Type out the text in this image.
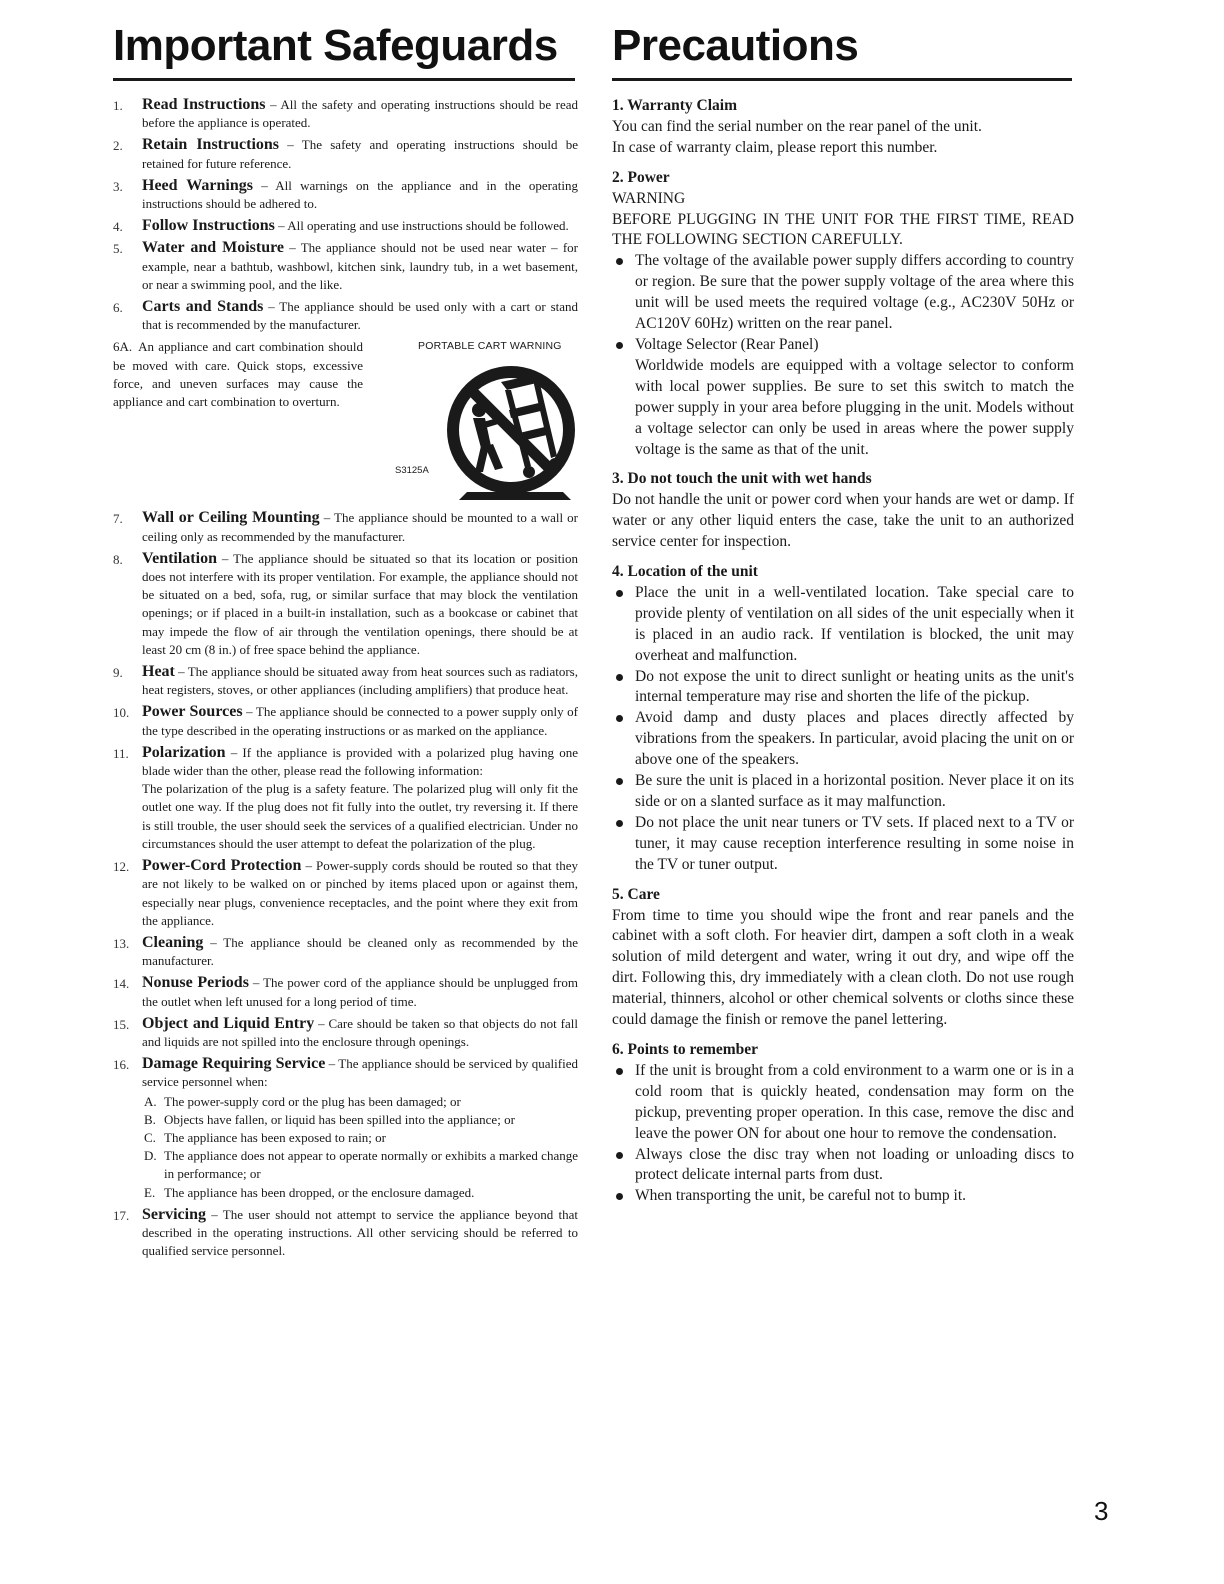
Important Safeguards
1.	Read Instructions – All the safety and operating instructions should be read before the appliance is operated.
2.	Retain Instructions – The safety and operating instructions should be retained for future reference.
3.	Heed Warnings – All warnings on the appliance and in the operating instructions should be adhered to.
4.	Follow Instructions – All operating and use instructions should be followed.
5.	Water and Moisture – The appliance should not be used near water – for example, near a bathtub, washbowl, kitchen sink, laundry tub, in a wet basement, or near a swimming pool, and the like.
6.	Carts and Stands – The appliance should be used only with a cart or stand that is recommended by the manufacturer.
6A. An appliance and cart combination should be moved with care. Quick stops, excessive force, and uneven surfaces may cause the appliance and cart combination to overturn.
PORTABLE CART WARNING
S3125A
7.	Wall or Ceiling Mounting – The appliance should be mounted to a wall or ceiling only as recommended by the manufacturer.
8.	Ventilation – The appliance should be situated so that its location or position does not interfere with its proper ventilation. For example, the appliance should not be situated on a bed, sofa, rug, or similar surface that may block the ventilation openings; or if placed in a built-in installation, such as a bookcase or cabinet that may impede the flow of air through the ventilation openings, there should be at least 20 cm (8 in.) of free space behind the appliance.
9.	Heat – The appliance should be situated away from heat sources such as radiators, heat registers, stoves, or other appliances (including amplifiers) that produce heat.
10. Power Sources – The appliance should be connected to a power supply only of the type described in the operating instructions or as marked on the appliance.
11. Polarization – If the appliance is provided with a polarized plug having one blade wider than the other, please read the following information:
The polarization of the plug is a safety feature. The polarized plug will only fit the outlet one way. If the plug does not fit fully into the outlet, try reversing it. If there is still trouble, the user should seek the services of a qualified electrician. Under no circumstances should the user attempt to defeat the polarization of the plug.
12. Power-Cord Protection – Power-supply cords should be routed so that they are not likely to be walked on or pinched by items placed upon or against them, especially near plugs, convenience receptacles, and the point where they exit from the appliance.
13. Cleaning – The appliance should be cleaned only as recommended by the manufacturer.
14. Nonuse Periods – The power cord of the appliance should be unplugged from the outlet when left unused for a long period of time.
15. Object and Liquid Entry – Care should be taken so that objects do not fall and liquids are not spilled into the enclosure through openings.
16. Damage Requiring Service – The appliance should be serviced by qualified service personnel when:
A. The power-supply cord or the plug has been damaged; or
B. Objects have fallen, or liquid has been spilled into the appliance; or
C. The appliance has been exposed to rain; or
D. The appliance does not appear to operate normally or exhibits a marked change in performance; or
E. The appliance has been dropped, or the enclosure damaged.
17. Servicing – The user should not attempt to service the appliance beyond that described in the operating instructions. All other servicing should be referred to qualified service personnel.
Precautions
1. Warranty Claim
You can find the serial number on the rear panel of the unit.
In case of warranty claim, please report this number.
2. Power
WARNING
BEFORE PLUGGING IN THE UNIT FOR THE FIRST TIME, READ THE FOLLOWING SECTION CAREFULLY.
The voltage of the available power supply differs according to country or region. Be sure that the power supply voltage of the area where this unit will be used meets the required voltage (e.g., AC230V 50Hz or AC120V 60Hz) written on the rear panel.
Voltage Selector (Rear Panel)
Worldwide models are equipped with a voltage selector to conform with local power supplies. Be sure to set this switch to match the power supply in your area before plugging in the unit. Models without a voltage selector can only be used in areas where the power supply voltage is the same as that of the unit.
3. Do not touch the unit with wet hands
Do not handle the unit or power cord when your hands are wet or damp. If water or any other liquid enters the case, take the unit to an authorized service center for inspection.
4. Location of the unit
Place the unit in a well-ventilated location. Take special care to provide plenty of ventilation on all sides of the unit especially when it is placed in an audio rack. If ventilation is blocked, the unit may overheat and malfunction.
Do not expose the unit to direct sunlight or heating units as the unit's internal temperature may rise and shorten the life of the pickup.
Avoid damp and dusty places and places directly affected by vibrations from the speakers. In particular, avoid placing the unit on or above one of the speakers.
Be sure the unit is placed in a horizontal position. Never place it on its side or on a slanted surface as it may malfunction.
Do not place the unit near tuners or TV sets. If placed next to a TV or tuner, it may cause reception interference resulting in some noise in the TV or tuner output.
5. Care
From time to time you should wipe the front and rear panels and the cabinet with a soft cloth. For heavier dirt, dampen a soft cloth in a weak solution of mild detergent and water, wring it out dry, and wipe off the dirt. Following this, dry immediately with a clean cloth. Do not use rough material, thinners, alcohol or other chemical solvents or cloths since these could damage the finish or remove the panel lettering.
6. Points to remember
If the unit is brought from a cold environment to a warm one or is in a cold room that is quickly heated, condensation may form on the pickup, preventing proper operation. In this case, remove the disc and leave the power ON for about one hour to remove the condensation.
Always close the disc tray when not loading or unloading discs to protect delicate internal parts from dust.
When transporting the unit, be careful not to bump it.
3
